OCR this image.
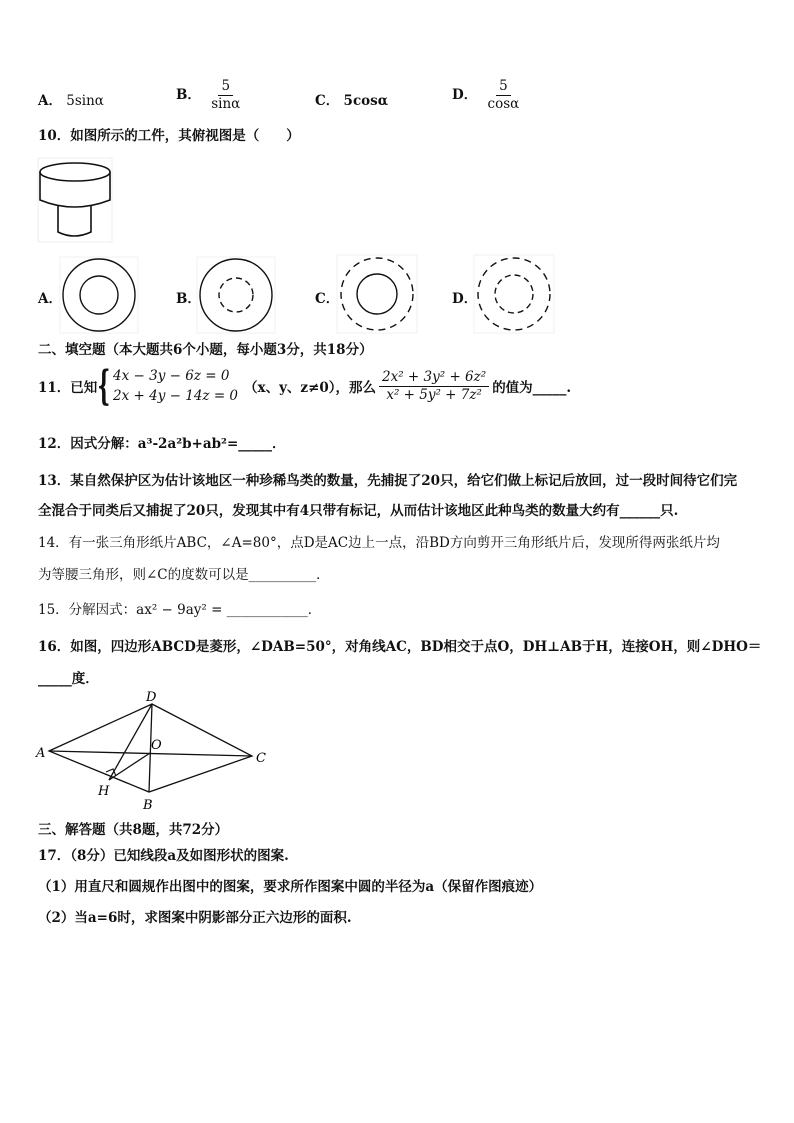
A． 5sinα	B． $\frac{5}{\sin\alpha}$	C． 5cosα	D． $\frac{5}{\cos\alpha}$
10．如图所示的工件，其俯视图是（　　）
A．	B．	C．	D．
二、填空题（本大题共6个小题，每小题3分，共18分）
11．已知 { 4x − 3y − 6z = 0
2x + 4y − 14z = 0 （x、y、z≠0），那么 $\frac{\text{2x² + 3y² + 6z²}}{\text{x² + 5y² + 7z²}}$ 的值为_____.
12．因式分解：a³-2a²b+ab²=_____．
13．某自然保护区为估计该地区一种珍稀鸟类的数量，先捕捉了20只，给它们做上标记后放回，过一段时间待它们完
全混合于同类后又捕捉了20只，发现其中有4只带有标记，从而估计该地区此种鸟类的数量大约有______只.
14．有一张三角形纸片ABC，∠A=80°，点D是AC边上一点，沿BD方向剪开三角形纸片后，发现所得两张纸片均
为等腰三角形，则∠C的度数可以是__________．
15．分解因式：ax² − 9ay² = ____________．
16．如图，四边形ABCD是菱形，∠DAB=50°，对角线AC，BD相交于点O，DH⊥AB于H，连接OH，则∠DHO＝
_____度．
A
D
C
B
O
H
三、解答题（共8题，共72分）
17．（8分）已知线段a及如图形状的图案.
（1）用直尺和圆规作出图中的图案，要求所作图案中圆的半径为a（保留作图痕迹）
（2）当a=6时，求图案中阴影部分正六边形的面积.
